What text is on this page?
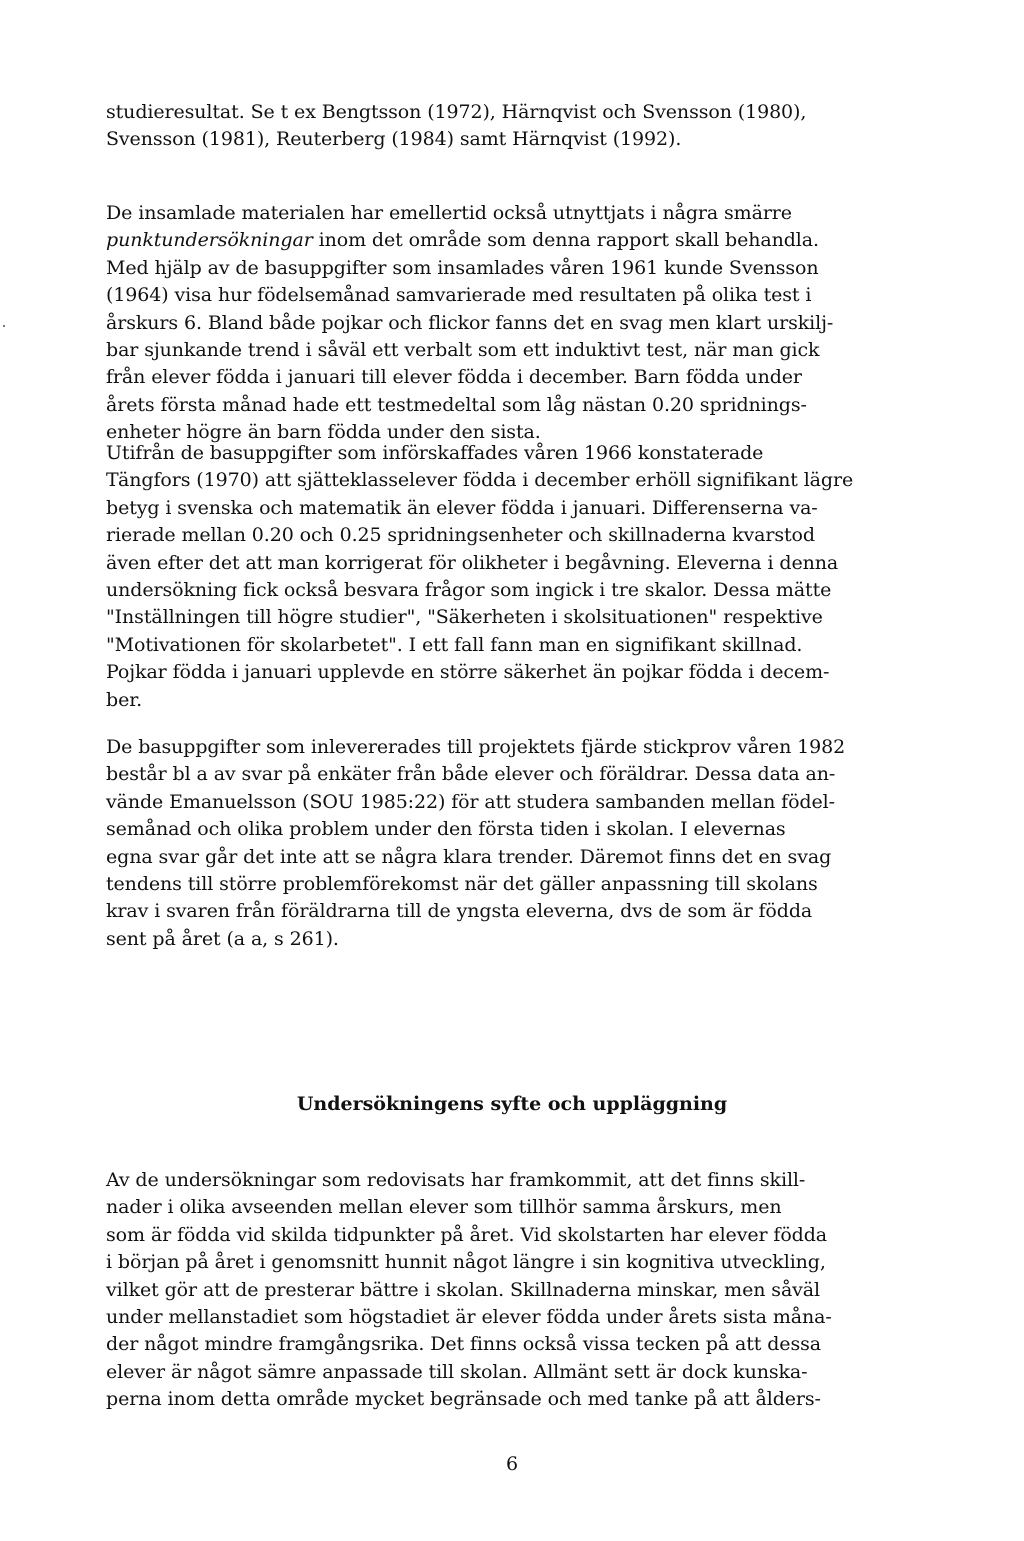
studieresultat. Se t ex Bengtsson (1972), Härnqvist och Svensson (1980),
Svensson (1981), Reuterberg (1984) samt Härnqvist (1992).
De insamlade materialen har emellertid också utnyttjats i några smärre
punktundersökningar inom det område som denna rapport skall behandla.
Med hjälp av de basuppgifter som insamlades våren 1961 kunde Svensson
(1964) visa hur födelsemånad samvarierade med resultaten på olika test i
årskurs 6. Bland både pojkar och flickor fanns det en svag men klart urskilj-
bar sjunkande trend i såväl ett verbalt som ett induktivt test, när man gick
från elever födda i januari till elever födda i december. Barn födda under
årets första månad hade ett testmedeltal som låg nästan 0.20 spridnings-
enheter högre än barn födda under den sista.
Utifrån de basuppgifter som införskaffades våren 1966 konstaterade
Tängfors (1970) att sjätteklasselever födda i december erhöll signifikant lägre
betyg i svenska och matematik än elever födda i januari. Differenserna va-
rierade mellan 0.20 och 0.25 spridningsenheter och skillnaderna kvarstod
även efter det att man korrigerat för olikheter i begåvning. Eleverna i denna
undersökning fick också besvara frågor som ingick i tre skalor. Dessa mätte
"Inställningen till högre studier", "Säkerheten i skolsituationen" respektive
"Motivationen för skolarbetet". I ett fall fann man en signifikant skillnad.
Pojkar födda i januari upplevde en större säkerhet än pojkar födda i decem-
ber.
De basuppgifter som inlevererades till projektets fjärde stickprov våren 1982
består bl a av svar på enkäter från både elever och föräldrar. Dessa data an-
vände Emanuelsson (SOU 1985:22) för att studera sambanden mellan födel-
semånad och olika problem under den första tiden i skolan. I elevernas
egna svar går det inte att se några klara trender. Däremot finns det en svag
tendens till större problemförekomst när det gäller anpassning till skolans
krav i svaren från föräldrarna till de yngsta eleverna, dvs de som är födda
sent på året (a a, s 261).
Undersökningens syfte och uppläggning
Av de undersökningar som redovisats har framkommit, att det finns skill-
nader i olika avseenden mellan elever som tillhör samma årskurs, men
som är födda vid skilda tidpunkter på året. Vid skolstarten har elever födda
i början på året i genomsnitt hunnit något längre i sin kognitiva utveckling,
vilket gör att de presterar bättre i skolan. Skillnaderna minskar, men såväl
under mellanstadiet som högstadiet är elever födda under årets sista måna-
der något mindre framgångsrika. Det finns också vissa tecken på att dessa
elever är något sämre anpassade till skolan. Allmänt sett är dock kunska-
perna inom detta område mycket begränsade och med tanke på att ålders-

6
